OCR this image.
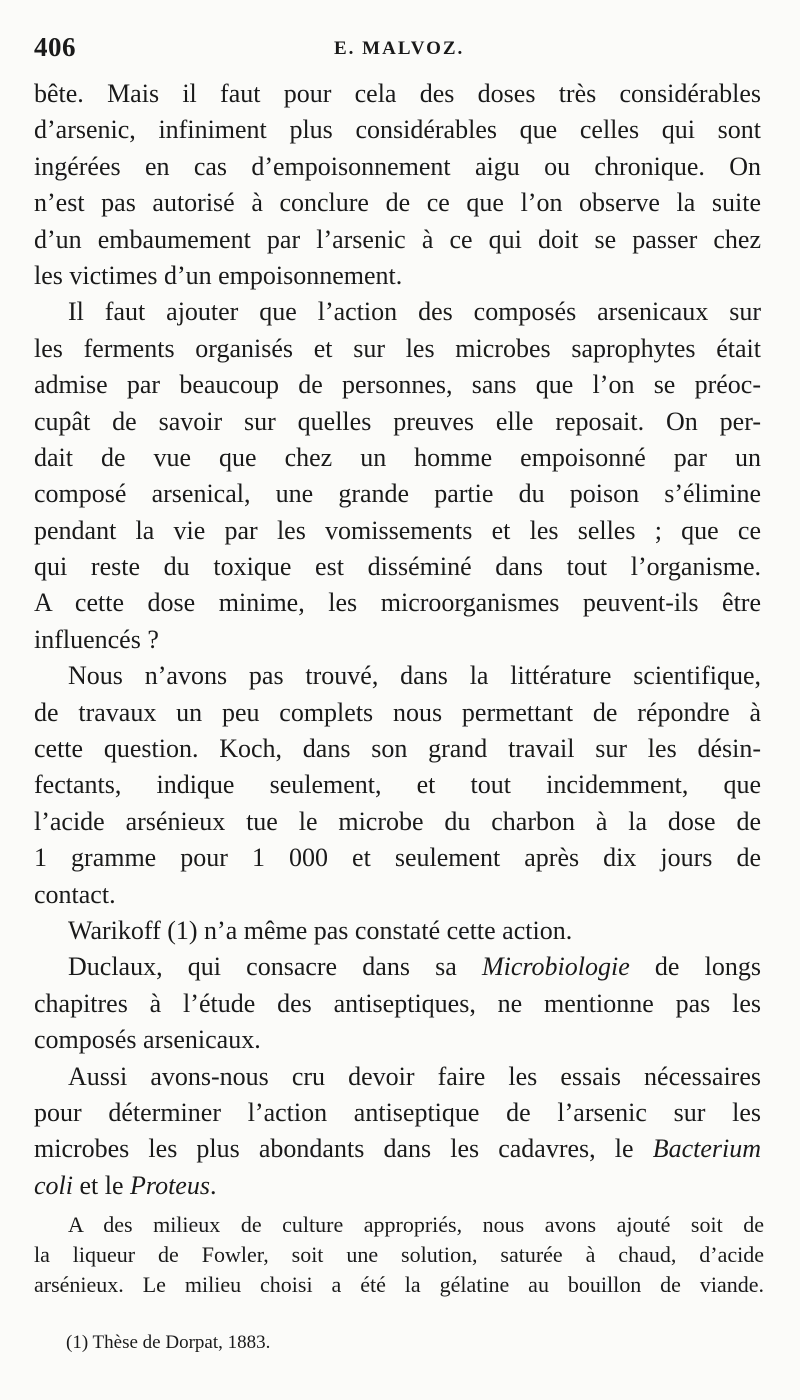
406	E. MALVOZ.
bête. Mais il faut pour cela des doses très considérables
d’arsenic, infiniment plus considérables que celles qui sont
ingérées en cas d’empoisonnement aigu ou chronique. On
n’est pas autorisé à conclure de ce que l’on observe la suite
d’un embaumement par l’arsenic à ce qui doit se passer chez
les victimes d’un empoisonnement.
Il faut ajouter que l’action des composés arsenicaux sur
les ferments organisés et sur les microbes saprophytes était
admise par beaucoup de personnes, sans que l’on se préoc-
cupât de savoir sur quelles preuves elle reposait. On per-
dait de vue que chez un homme empoisonné par un
composé arsenical, une grande partie du poison s’élimine
pendant la vie par les vomissements et les selles ; que ce
qui reste du toxique est disséminé dans tout l’organisme.
A cette dose minime, les microorganismes peuvent-ils être
influencés ?
Nous n’avons pas trouvé, dans la littérature scientifique,
de travaux un peu complets nous permettant de répondre à
cette question. Koch, dans son grand travail sur les désin-
fectants, indique seulement, et tout incidemment, que
l’acide arsénieux tue le microbe du charbon à la dose de
1 gramme pour 1 000 et seulement après dix jours de
contact.
Warikoff (1) n’a même pas constaté cette action.
Duclaux, qui consacre dans sa Microbiologie de longs
chapitres à l’étude des antiseptiques, ne mentionne pas les
composés arsenicaux.
Aussi avons-nous cru devoir faire les essais nécessaires
pour déterminer l’action antiseptique de l’arsenic sur les
microbes les plus abondants dans les cadavres, le Bacterium
coli et le Proteus.
A des milieux de culture appropriés, nous avons ajouté soit de
la liqueur de Fowler, soit une solution, saturée à chaud, d’acide
arsénieux. Le milieu choisi a été la gélatine au bouillon de viande.
(1) Thèse de Dorpat, 1883.
